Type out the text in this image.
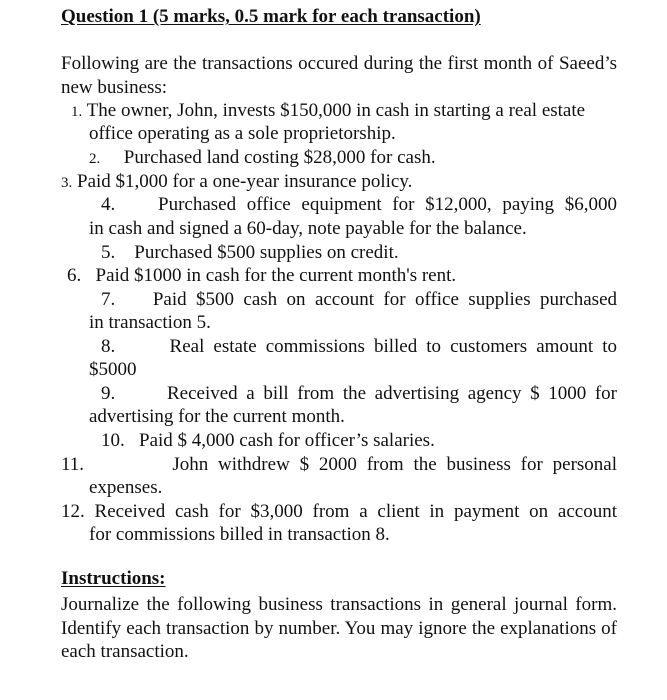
Question 1 (5 marks, 0.5 mark for each transaction)
Following are the transactions occured during the first month of Saeed’s new business:
1. The owner, John, invests $150,000 in cash in starting a real estate
office operating as a sole proprietorship.
2. Purchased land costing $28,000 for cash.
3. Paid $1,000 for a one-year insurance policy.
4. Purchased office equipment for $12,000, paying $6,000
in cash and signed a 60-day, note payable for the balance.
5. Purchased $500 supplies on credit.
6. Paid $1000 in cash for the current month's rent.
7. Paid $500 cash on account for office supplies purchased
in transaction 5.
8.	Real estate commissions billed to customers amount to
$5000
9.	Received a bill from the advertising agency $ 1000 for
advertising for the current month.
10. Paid $ 4,000 cash for officer’s salaries.
11.	John withdrew $ 2000 from the business for personal
expenses.
12. Received cash for $3,000 from a client in payment on account
for commissions billed in transaction 8.
Instructions:
Journalize the following business transactions in general journal form. Identify each transaction by number. You may ignore the explanations of each transaction.
